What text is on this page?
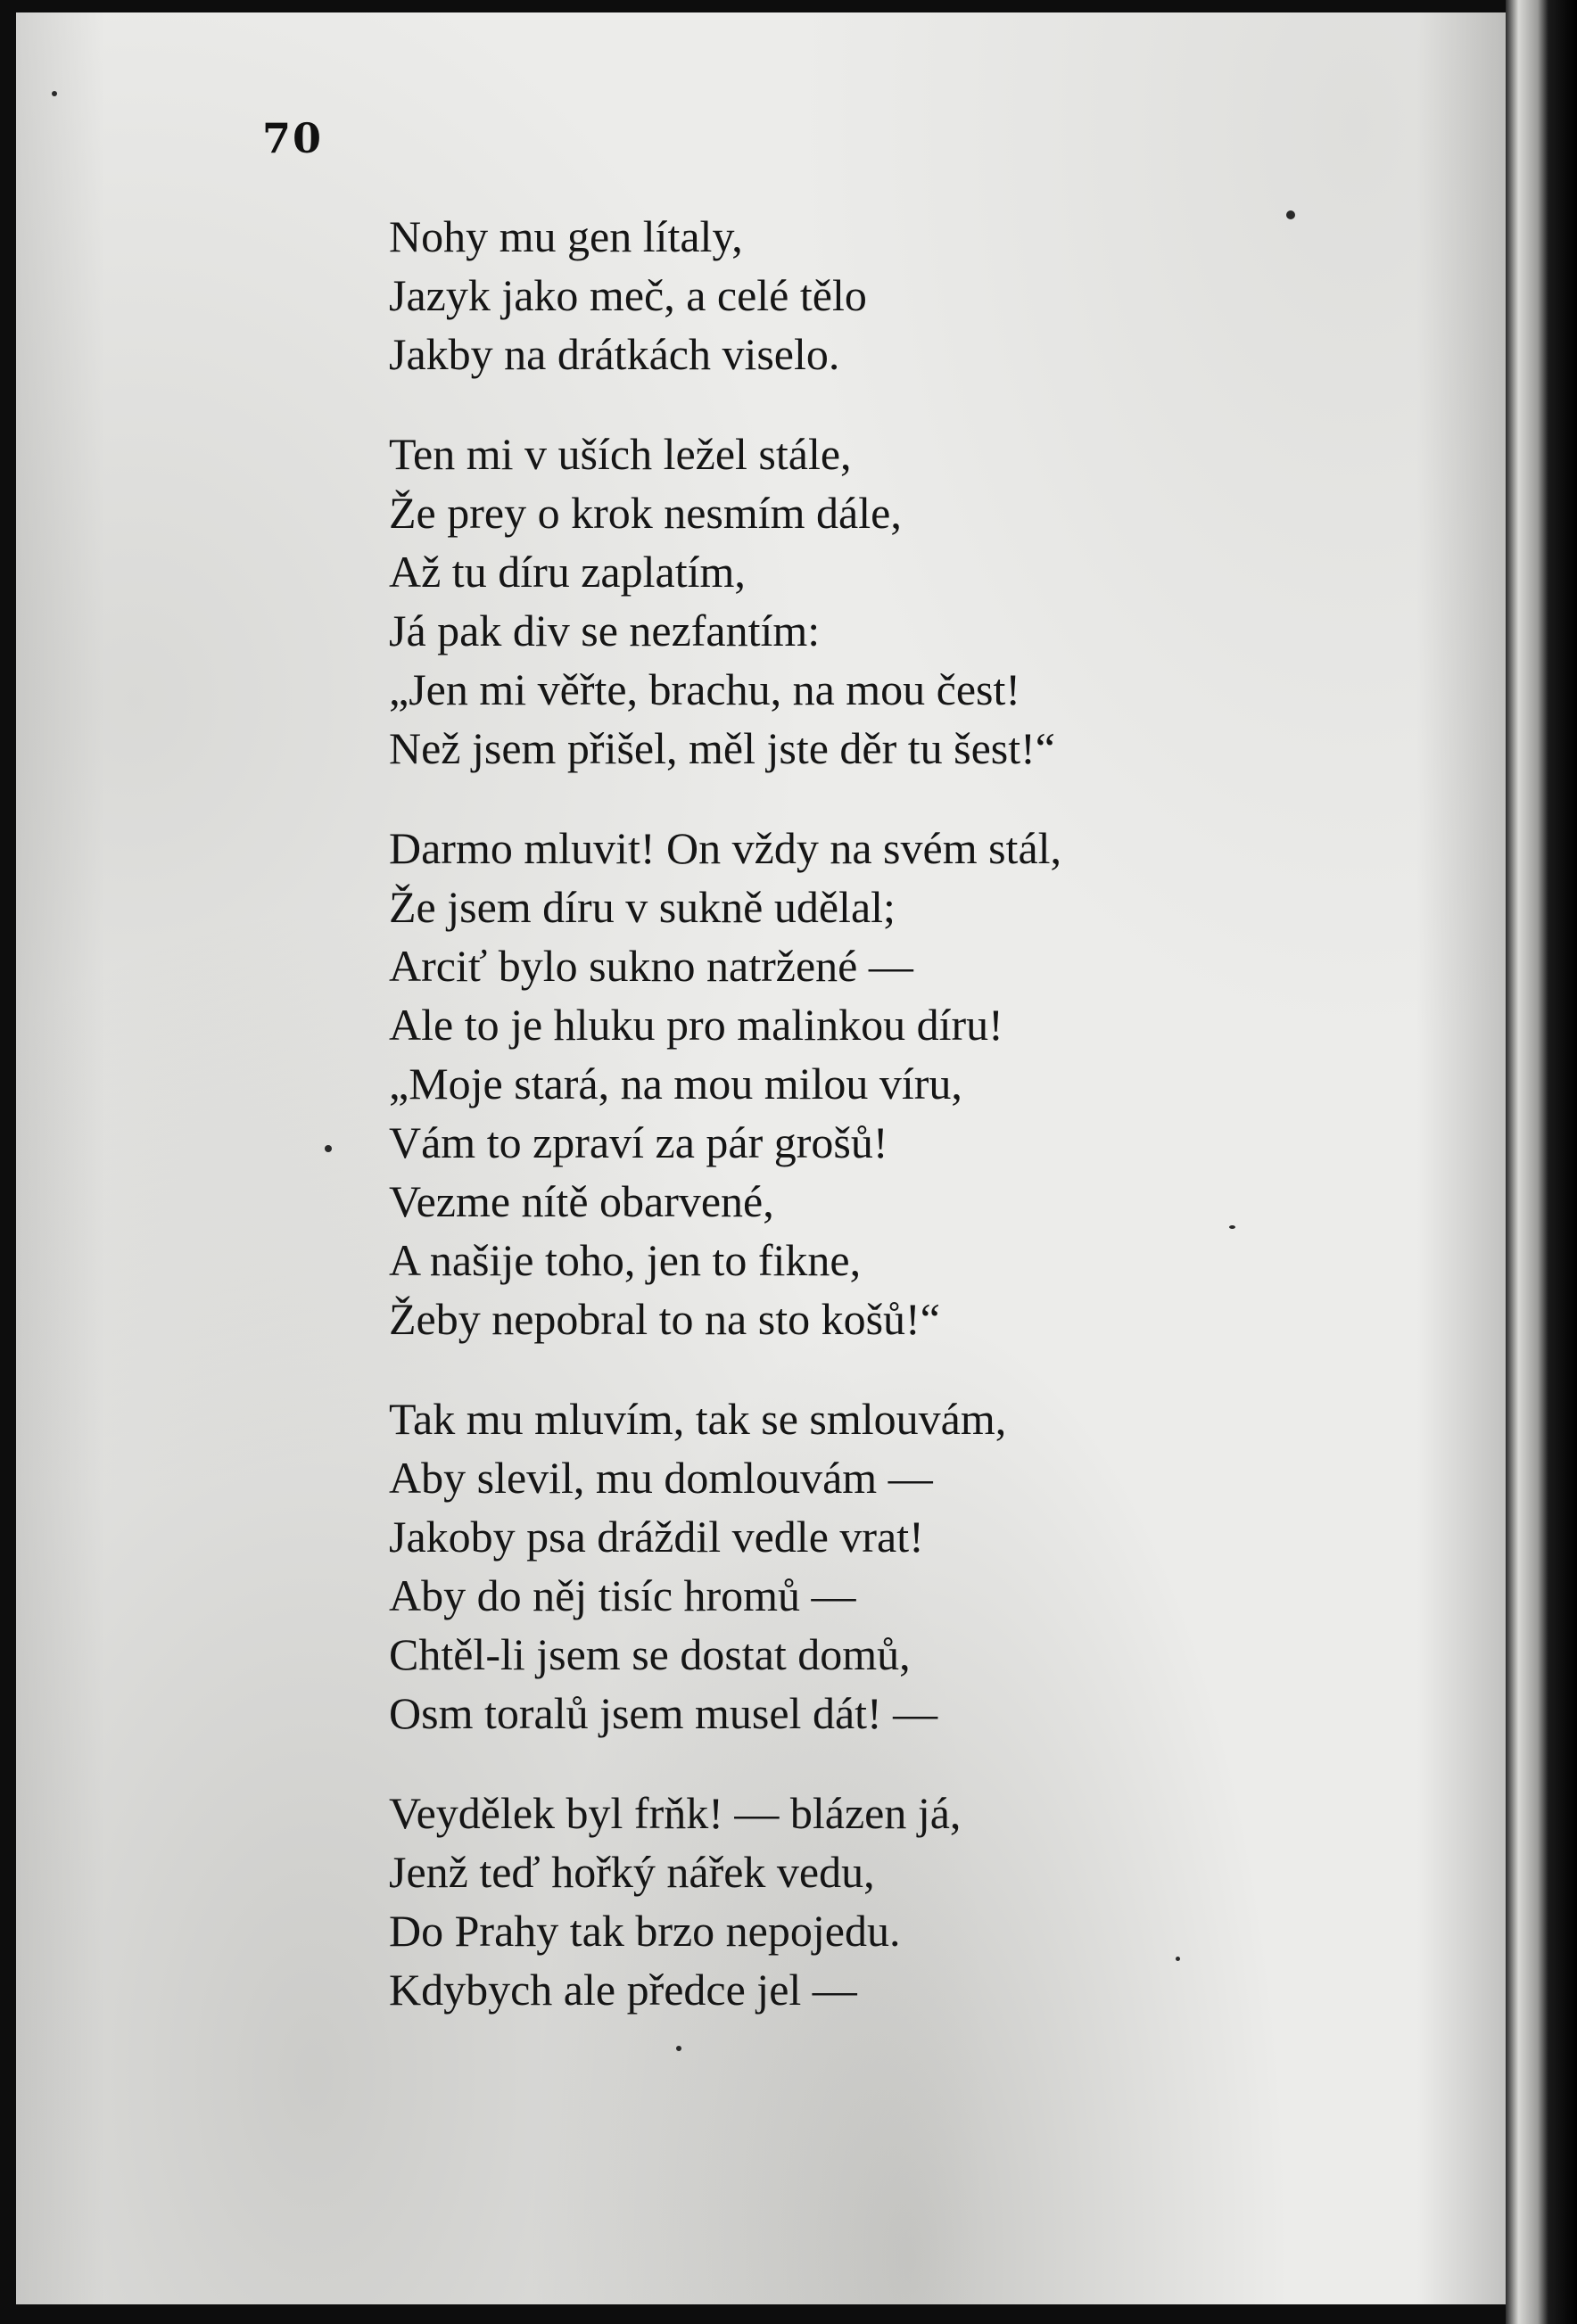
70
Nohy mu gen lítaly,
Jazyk jako meč, a celé tělo
Jakby na drátkách viselo.
Ten mi v uších ležel stále,
Že prey o krok nesmím dále,
Až tu díru zaplatím,
Já pak div se nezfantím:
„Jen mi věřte, brachu, na mou čest!
Než jsem přišel, měl jste děr tu šest!“
Darmo mluvit! On vždy na svém stál,
Že jsem díru v sukně udělal;
Arciť bylo sukno natržené —
Ale to je hluku pro malinkou díru!
„Moje stará, na mou milou víru,
Vám to zpraví za pár grošů!
Vezme nítě obarvené,
A našije toho, jen to fikne,
Žeby nepobral to na sto košů!“
Tak mu mluvím, tak se smlouvám,
Aby slevil, mu domlouvám —
Jakoby psa dráždil vedle vrat!
Aby do něj tisíc hromů —
Chtěl-li jsem se dostat domů,
Osm toralů jsem musel dát! —
Veydělek byl frňk! — blázen já,
Jenž teď hořký nářek vedu,
Do Prahy tak brzo nepojedu.
Kdybych ale předce jel —
